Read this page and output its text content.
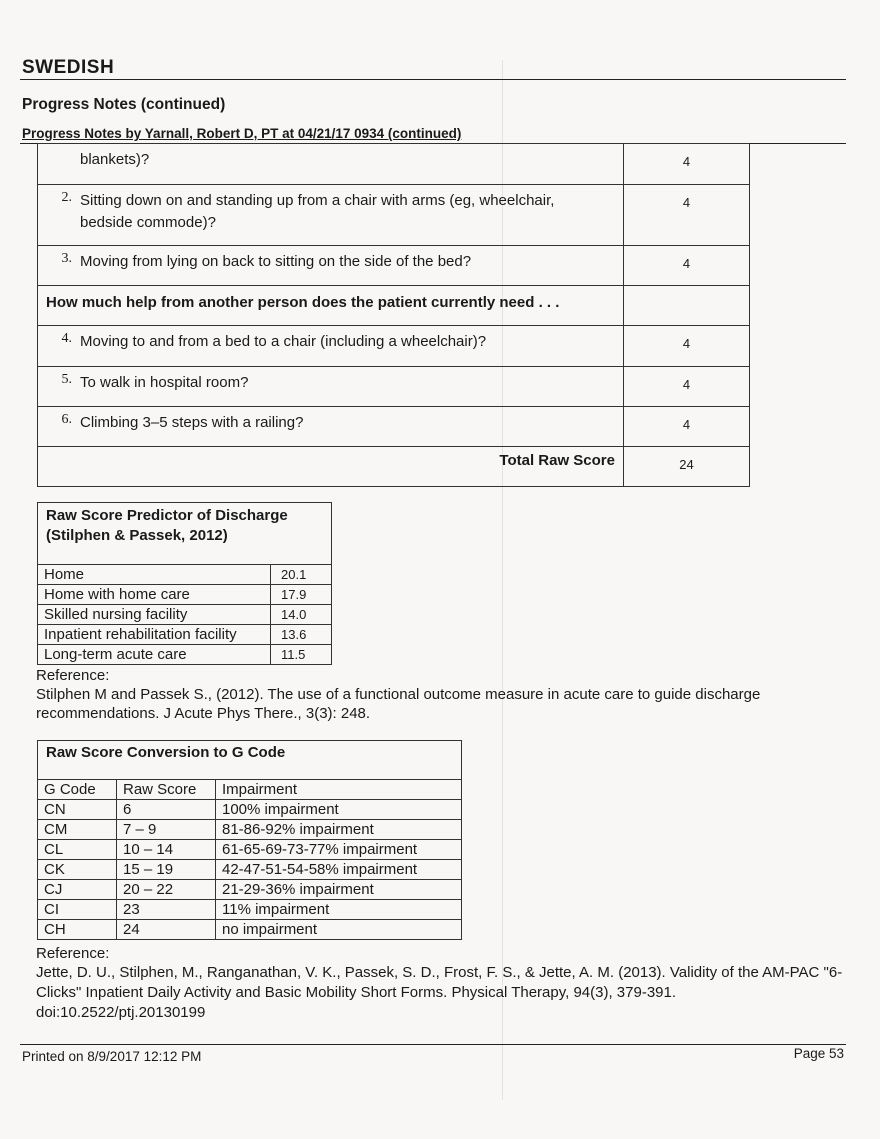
SWEDISH
Progress Notes (continued)
Progress Notes by Yarnall, Robert D, PT at 04/21/17 0934 (continued)
blankets)?	4
2. Sitting down on and standing up from a chair with arms (eg, wheelchair, bedside commode)?	4
3. Moving from lying on back to sitting on the side of the bed?	4
How much help from another person does the patient currently need . . .	
4. Moving to and from a bed to a chair (including a wheelchair)?	4
5. To walk in hospital room?	4
6. Climbing 3–5 steps with a railing?	4
Total Raw Score	24
Raw Score Predictor of Discharge (Stilphen & Passek, 2012)	
Home	20.1
Home with home care	17.9
Skilled nursing facility	14.0
Inpatient rehabilitation facility	13.6
Long-term acute care	11.5
Reference:
Stilphen M and Passek S., (2012). The use of a functional outcome measure in acute care to guide discharge recommendations. J Acute Phys There., 3(3): 248.
Raw Score Conversion to G Code		
G Code	Raw Score	Impairment
CN	6	100% impairment
CM	7 – 9	81-86-92% impairment
CL	10 – 14	61-65-69-73-77% impairment
CK	15 – 19	42-47-51-54-58% impairment
CJ	20 – 22	21-29-36% impairment
CI	23	11% impairment
CH	24	no impairment
Reference:
Jette, D. U., Stilphen, M., Ranganathan, V. K., Passek, S. D., Frost, F. S., & Jette, A. M. (2013). Validity of the AM-PAC "6-Clicks" Inpatient Daily Activity and Basic Mobility Short Forms. Physical Therapy, 94(3), 379-391. doi:10.2522/ptj.20130199
Printed on 8/9/2017 12:12 PM	Page 53
